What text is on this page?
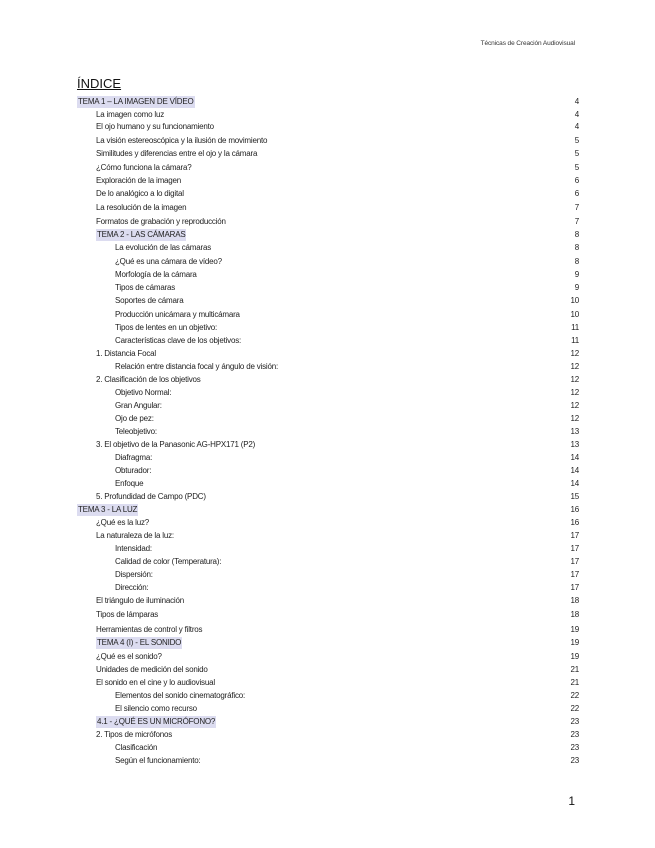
Técnicas de Creación Audiovisual
ÍNDICE
TEMA 1 – LA IMAGEN DE VÍDEO	4
La imagen como luz	4
El ojo humano y su funcionamiento	4
La visión estereoscópica y la ilusión de movimiento	5
Similitudes y diferencias entre el ojo y la cámara	5
¿Cómo funciona la cámara?	5
Exploración de la imagen	6
De lo analógico a lo digital	6
La resolución de la imagen	7
Formatos de grabación y reproducción	7
TEMA 2 - LAS CÁMARAS	8
La evolución de las cámaras	8
¿Qué es una cámara de vídeo?	8
Morfología de la cámara	9
Tipos de cámaras	9
Soportes de cámara	10
Producción unicámara y multicámara	10
Tipos de lentes en un objetivo:	11
Características clave de los objetivos:	11
1. Distancia Focal	12
Relación entre distancia focal y ángulo de visión:	12
2. Clasificación de los objetivos	12
Objetivo Normal:	12
Gran Angular:	12
Ojo de pez:	12
Teleobjetivo:	13
3. El objetivo de la Panasonic AG-HPX171 (P2)	13
Diafragma:	14
Obturador:	14
Enfoque	14
5. Profundidad de Campo (PDC)	15
TEMA 3 - LA LUZ	16
¿Qué es la luz?	16
La naturaleza de la luz:	17
Intensidad:	17
Calidad de color (Temperatura):	17
Dispersión:	17
Dirección:	17
El triángulo de iluminación	18
Tipos de lámparas	18
Herramientas de control y filtros	19
TEMA 4 (I) - EL SONIDO	19
¿Qué es el sonido?	19
Unidades de medición del sonido	21
El sonido en el cine y lo audiovisual	21
Elementos del sonido cinematográfico:	22
El silencio como recurso	22
4.1 - ¿QUÉ ES UN MICRÓFONO?	23
2. Tipos de micrófonos	23
Clasificación	23
Según el funcionamiento:	23
1
